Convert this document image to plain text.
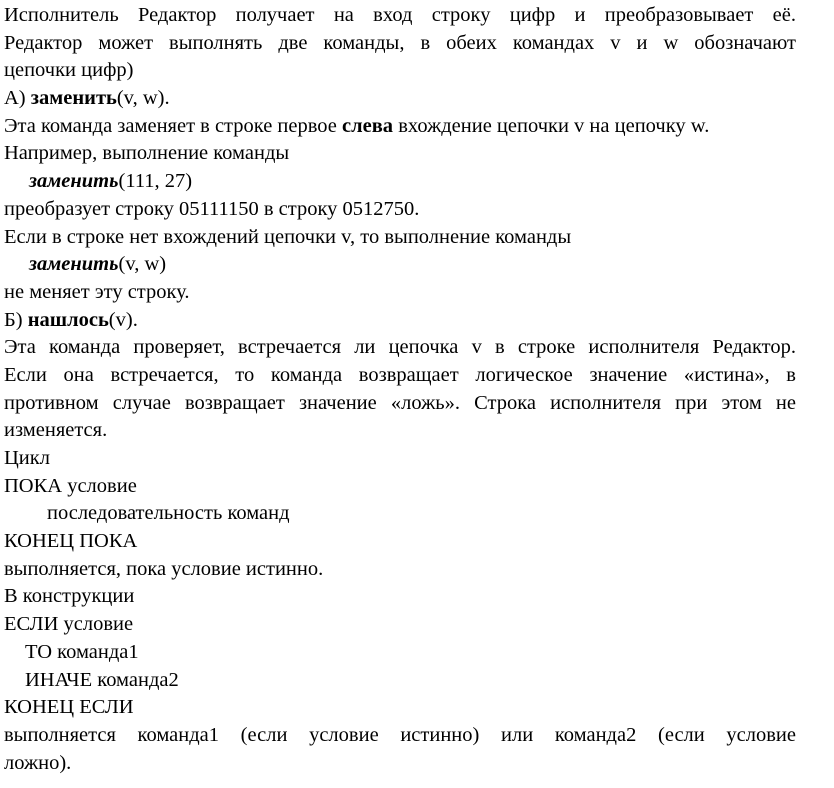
Исполнитель Редактор получает на вход строку цифр и преобразовывает её.
Редактор может выполнять две команды, в обеих командах v и w обозначают
цепочки цифр)
А) заменить(v, w).
Эта команда заменяет в строке первое слева вхождение цепочки v на цепочку w.
Например, выполнение команды
заменить(111, 27)
преобразует строку 05111150 в строку 0512750.
Если в строке нет вхождений цепочки v, то выполнение команды
заменить(v, w)
не меняет эту строку.
Б) нашлось(v).
Эта команда проверяет, встречается ли цепочка v в строке исполнителя Редактор.
Если она встречается, то команда возвращает логическое значение «истина», в
противном случае возвращает значение «ложь». Строка исполнителя при этом не
изменяется.
Цикл
ПОКА условие
последовательность команд
КОНЕЦ ПОКА
выполняется, пока условие истинно.
В конструкции
ЕСЛИ условие
ТО команда1
ИНАЧЕ команда2
КОНЕЦ ЕСЛИ
выполняется команда1 (если условие истинно) или команда2 (если условие
ложно).
